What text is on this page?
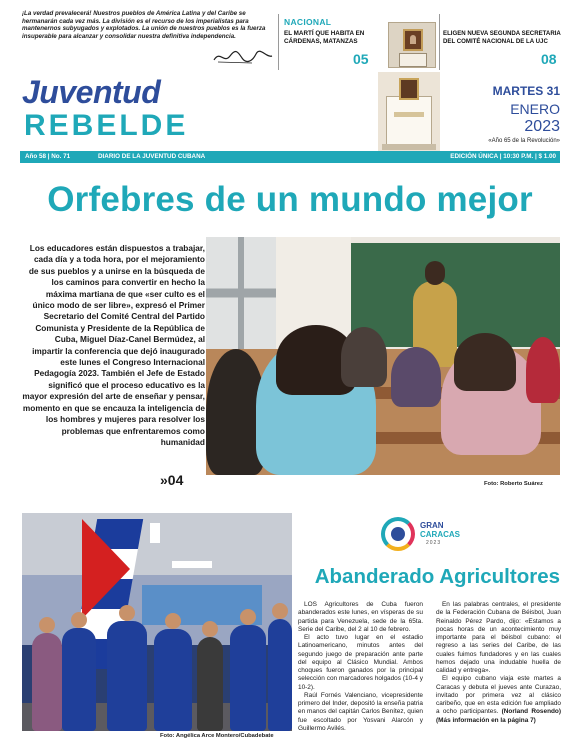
¡La verdad prevalecerá! Nuestros pueblos de América Latina y del Caribe se hermanarán cada vez más. La división es el recurso de los imperialistas para mantenernos subyugados y explotados. La unión de nuestros pueblos es la fuerza insuperable para alcanzar y consolidar nuestra definitiva independencia.
NACIONAL
EL MARTÍ QUE HABITA EN CÁRDENAS, MATANZAS
05
ELIGEN NUEVA SEGUNDA SECRETARIA DEL COMITÉ NACIONAL DE LA UJC
08
Juventud
REBELDE
MARTES 31
ENERO
2023
«Año 65 de la Revolución»
Año 58 | No. 71	DIARIO DE LA JUVENTUD CUBANA	EDICIÓN ÚNICA | 10:30 P.M. | $ 1.00
Orfebres de un mundo mejor
Los educadores están dispuestos a trabajar, cada día y a toda hora, por el mejoramiento de sus pueblos y a unirse en la búsqueda de los caminos para convertir en hecho la máxima martiana de que «ser culto es el único modo de ser libre», expresó el Primer Secretario del Comité Central del Partido Comunista y Presidente de la República de Cuba, Miguel Díaz-Canel Bermúdez, al impartir la conferencia que dejó inaugurado este lunes el Congreso Internacional Pedagogía 2023. También el Jefe de Estado significó que el proceso educativo es la mayor expresión del arte de enseñar y pensar, momento en que se encauza la inteligencia de los hombres y mujeres para resolver los problemas que enfrentaremos como humanidad
»04	Foto: Roberto Suárez
Foto: Angélica Arce Montero/Cubadebate
GRAN
CARACAS
2023
Abanderado Agricultores

LOS Agricultores de Cuba fueron abanderados este lunes, en vísperas de su partida para Venezuela, sede de la 65ta. Serie del Caribe, del 2 al 10 de febrero.

El acto tuvo lugar en el estadio Latinoamericano, minutos antes del segundo juego de preparación ante parte del equipo al Clásico Mundial. Ambos choques fueron ganados por la principal selección con marcadores holgados (10-4 y 10-2).

Raúl Fornés Valenciano, vicepresidente primero del Inder, depositó la enseña patria en manos del capitán Carlos Benítez, quien fue escoltado por Yosvani Alarcón y Guillermo Avilés.

En las palabras centrales, el presidente de la Federación Cubana de Béisbol, Juan Reinaldo Pérez Pardo, dijo: «Estamos a pocas horas de un acontecimiento muy importante para el béisbol cubano: el regreso a las series del Caribe, de las cuales fuimos fundadores y en las cuales hemos dejado una indudable huella de calidad y entrega».

El equipo cubano viaja este martes a Caracas y debuta el jueves ante Curazao, invitado por primera vez al clásico caribeño, que en esta edición fue ampliado a ocho participantes. (Norland Rosendo) (Más información en la página 7)
